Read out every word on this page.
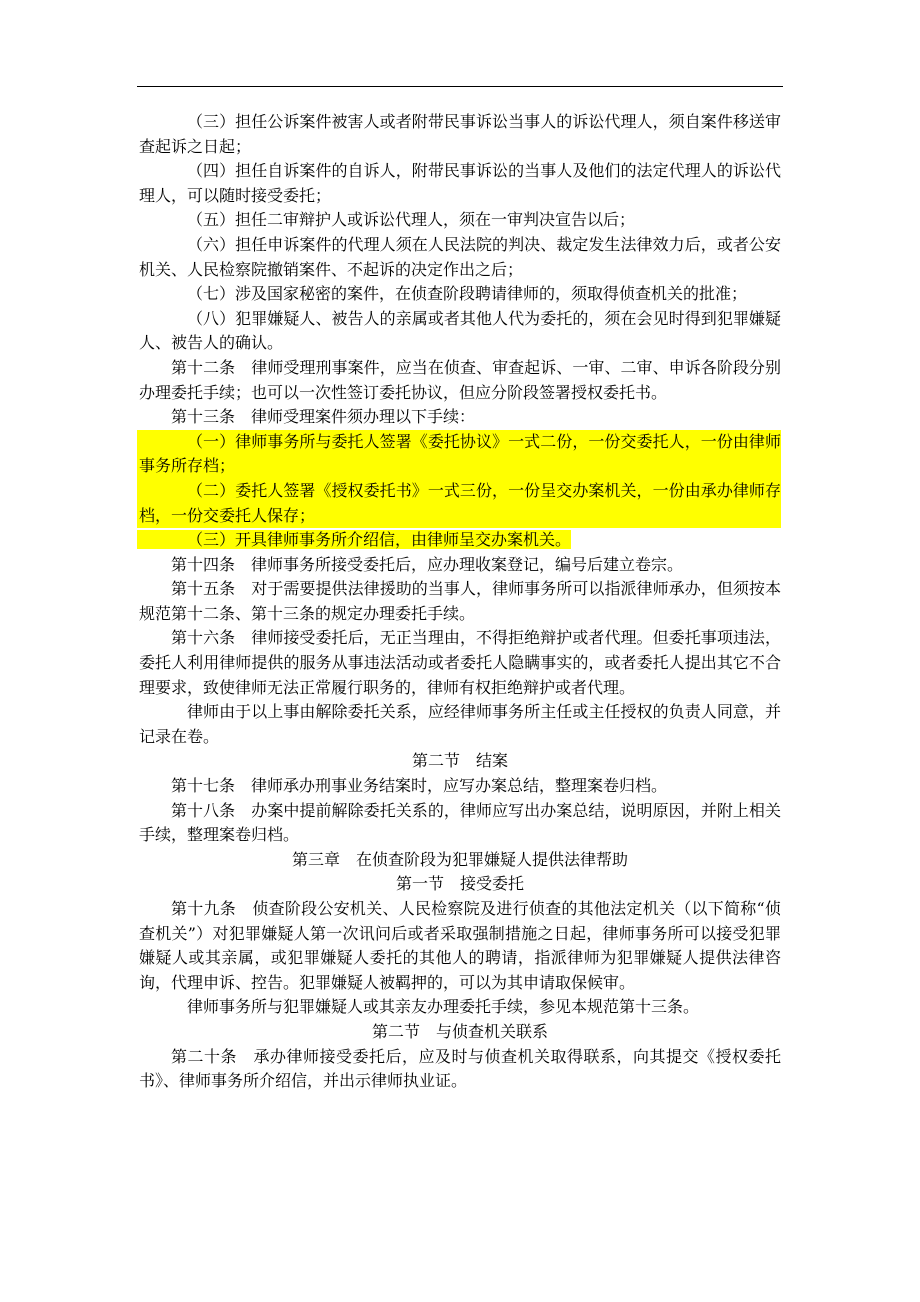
（三）担任公诉案件被害人或者附带民事诉讼当事人的诉讼代理人，须自案件移送审查起诉之日起；

（四）担任自诉案件的自诉人，附带民事诉讼的当事人及他们的法定代理人的诉讼代理人，可以随时接受委托；

（五）担任二审辩护人或诉讼代理人，须在一审判决宣告以后；

（六）担任申诉案件的代理人须在人民法院的判决、裁定发生法律效力后，或者公安机关、人民检察院撤销案件、不起诉的决定作出之后；

（七）涉及国家秘密的案件，在侦查阶段聘请律师的，须取得侦查机关的批准；

（八）犯罪嫌疑人、被告人的亲属或者其他人代为委托的，须在会见时得到犯罪嫌疑人、被告人的确认。

第十二条　律师受理刑事案件，应当在侦查、审查起诉、一审、二审、申诉各阶段分别办理委托手续；也可以一次性签订委托协议，但应分阶段签署授权委托书。

第十三条　律师受理案件须办理以下手续：

（一）律师事务所与委托人签署《委托协议》一式二份，一份交委托人，一份由律师事务所存档；

（二）委托人签署《授权委托书》一式三份，一份呈交办案机关，一份由承办律师存档，一份交委托人保存；

（三）开具律师事务所介绍信，由律师呈交办案机关。

第十四条　律师事务所接受委托后，应办理收案登记，编号后建立卷宗。

第十五条　对于需要提供法律援助的当事人，律师事务所可以指派律师承办，但须按本规范第十二条、第十三条的规定办理委托手续。

第十六条　律师接受委托后，无正当理由，不得拒绝辩护或者代理。但委托事项违法，委托人利用律师提供的服务从事违法活动或者委托人隐瞒事实的，或者委托人提出其它不合理要求，致使律师无法正常履行职务的，律师有权拒绝辩护或者代理。

律师由于以上事由解除委托关系，应经律师事务所主任或主任授权的负责人同意，并记录在卷。

第二节　结案

第十七条　律师承办刑事业务结案时，应写办案总结，整理案卷归档。

第十八条　办案中提前解除委托关系的，律师应写出办案总结，说明原因，并附上相关手续，整理案卷归档。

第三章　在侦查阶段为犯罪嫌疑人提供法律帮助

第一节　接受委托

第十九条　侦查阶段公安机关、人民检察院及进行侦查的其他法定机关（以下简称“侦查机关”）对犯罪嫌疑人第一次讯问后或者采取强制措施之日起，律师事务所可以接受犯罪嫌疑人或其亲属，或犯罪嫌疑人委托的其他人的聘请，指派律师为犯罪嫌疑人提供法律咨询，代理申诉、控告。犯罪嫌疑人被羁押的，可以为其申请取保候审。

律师事务所与犯罪嫌疑人或其亲友办理委托手续，参见本规范第十三条。

第二节　与侦查机关联系

第二十条　承办律师接受委托后，应及时与侦查机关取得联系，向其提交《授权委托书》、律师事务所介绍信，并出示律师执业证。
